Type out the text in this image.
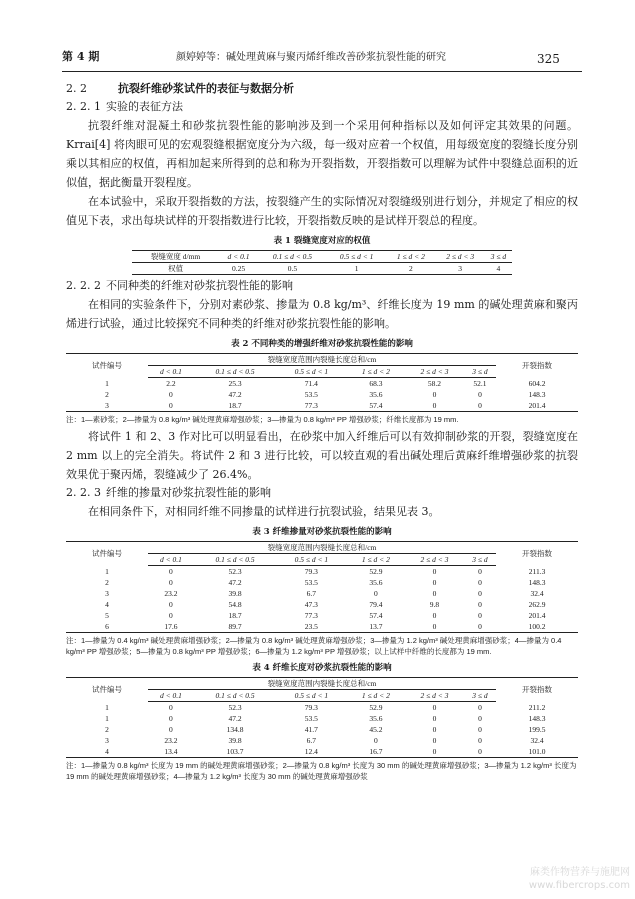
第 4 期	颜婷婷等：碱处理黄麻与聚丙烯纤维改善砂浆抗裂性能的研究	325
2. 2	抗裂纤维砂浆试件的表征与数据分析
2. 2. 1 实验的表征方法

抗裂纤维对混凝土和砂浆抗裂性能的影响涉及到一个采用何种指标以及如何评定其效果的问题。Krrai[4] 将肉眼可见的宏观裂缝根据宽度分为六级，每一级对应着一个权值，用每级宽度的裂缝长度分别乘以其相应的权值，再相加起来所得到的总和称为开裂指数，开裂指数可以理解为试件中裂缝总面积的近似值，据此衡量开裂程度。

在本试验中，采取开裂指数的方法，按裂缝产生的实际情况对裂缝级别进行划分，并规定了相应的权值见下表，求出每块试样的开裂指数进行比较，开裂指数反映的是试样开裂总的程度。

表 1 裂缝宽度对应的权值
裂缝宽度 d/mm	d < 0.1	0.1 ≤ d < 0.5	0.5 ≤ d < 1	1 ≤ d < 2	2 ≤ d < 3	3 ≤ d
权值	0.25	0.5	1	2	3	4
2. 2. 2 不同种类的纤维对砂浆抗裂性能的影响

在相同的实验条件下，分别对素砂浆、掺量为 0.8 kg/m³、纤维长度为 19 mm 的碱处理黄麻和聚丙烯进行试验，通过比较探究不同种类的纤维对砂浆抗裂性能的影响。

表 2 不同种类的增强纤维对砂浆抗裂性能的影响
试件编号	裂缝宽度范围内裂缝长度总和/cm						开裂指数
	d < 0.1	0.1 ≤ d < 0.5	0.5 ≤ d < 1	1 ≤ d < 2	2 ≤ d < 3	3 ≤ d	
1	2.2	25.3	71.4	68.3	58.2	52.1	604.2
2	0	47.2	53.5	35.6	0	0	148.3
3	0	18.7	77.3	57.4	0	0	201.4
注：1—素砂浆；2—掺量为 0.8 kg/m³ 碱处理黄麻增强砂浆；3—掺量为 0.8 kg/m³ PP 增强砂浆；纤维长度都为 19 mm.

将试件 1 和 2、3 作对比可以明显看出，在砂浆中加入纤维后可以有效抑制砂浆的开裂，裂缝宽度在 2 mm 以上的完全消失。将试件 2 和 3 进行比较，可以较直观的看出碱处理后黄麻纤维增强砂浆的抗裂效果优于聚丙烯，裂缝减少了 26.4%。

2. 2. 3 纤维的掺量对砂浆抗裂性能的影响

在相同条件下，对相同纤维不同掺量的试样进行抗裂试验，结果见表 3。

表 3 纤维掺量对砂浆抗裂性能的影响
试件编号	裂缝宽度范围内裂缝长度总和/cm						开裂指数
	d < 0.1	0.1 ≤ d < 0.5	0.5 ≤ d < 1	1 ≤ d < 2	2 ≤ d < 3	3 ≤ d	
1	0	52.3	79.3	52.9	0	0	211.3
2	0	47.2	53.5	35.6	0	0	148.3
3	23.2	39.8	6.7	0	0	0	32.4
4	0	54.8	47.3	79.4	9.8	0	262.9
5	0	18.7	77.3	57.4	0	0	201.4
6	17.6	89.7	23.5	13.7	0	0	100.2
注：1—掺量为 0.4 kg/m³ 碱处理黄麻增强砂浆；2—掺量为 0.8 kg/m³ 碱处理黄麻增强砂浆；3—掺量为 1.2 kg/m³ 碱处理黄麻增强砂浆；4—掺量为 0.4 kg/m³ PP 增强砂浆；5—掺量为 0.8 kg/m³ PP 增强砂浆；6—掺量为 1.2 kg/m³ PP 增强砂浆；以上试样中纤维的长度都为 19 mm.
表 4 纤维长度对砂浆抗裂性能的影响
试件编号	裂缝宽度范围内裂缝长度总和/cm						开裂指数
	d < 0.1	0.1 ≤ d < 0.5	0.5 ≤ d < 1	1 ≤ d < 2	2 ≤ d < 3	3 ≤ d	
1	0	52.3	79.3	52.9	0	0	211.2
1	0	47.2	53.5	35.6	0	0	148.3
2	0	134.8	41.7	45.2	0	0	199.5
3	23.2	39.8	6.7	0	0	0	32.4
4	13.4	103.7	12.4	16.7	0	0	101.0
注：1—掺量为 0.8 kg/m³ 长度为 19 mm 的碱处理黄麻增强砂浆；2—掺量为 0.8 kg/m³ 长度为 30 mm 的碱处理黄麻增强砂浆；3—掺量为 1.2 kg/m³ 长度为 19 mm 的碱处理黄麻增强砂浆；4—掺量为 1.2 kg/m³ 长度为 30 mm 的碱处理黄麻增强砂浆
麻类作物营养与施肥网
www.fibercrops.com
